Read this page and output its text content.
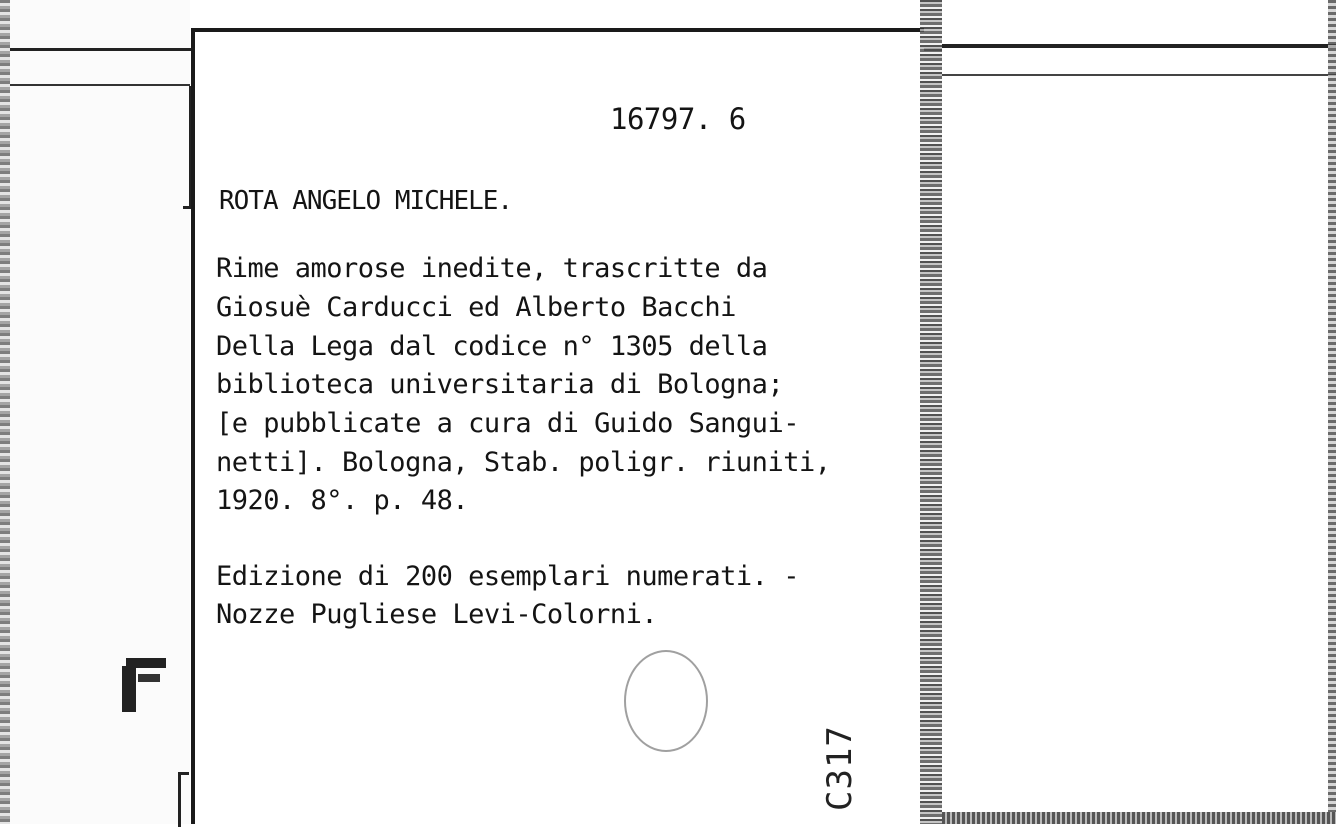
16797. 6

ROTA ANGELO MICHELE.

Rime amorose inedite, trascritte da

Giosuè Carducci ed Alberto Bacchi

Della Lega dal codice n° 1305 della

biblioteca universitaria di Bologna;

[e pubblicate a cura di Guido Sangui-

netti]. Bologna, Stab. poligr. riuniti,

1920. 8°. p. 48.

Edizione di 200 esemplari numerati. -

Nozze Pugliese Levi-Colorni.

C317
